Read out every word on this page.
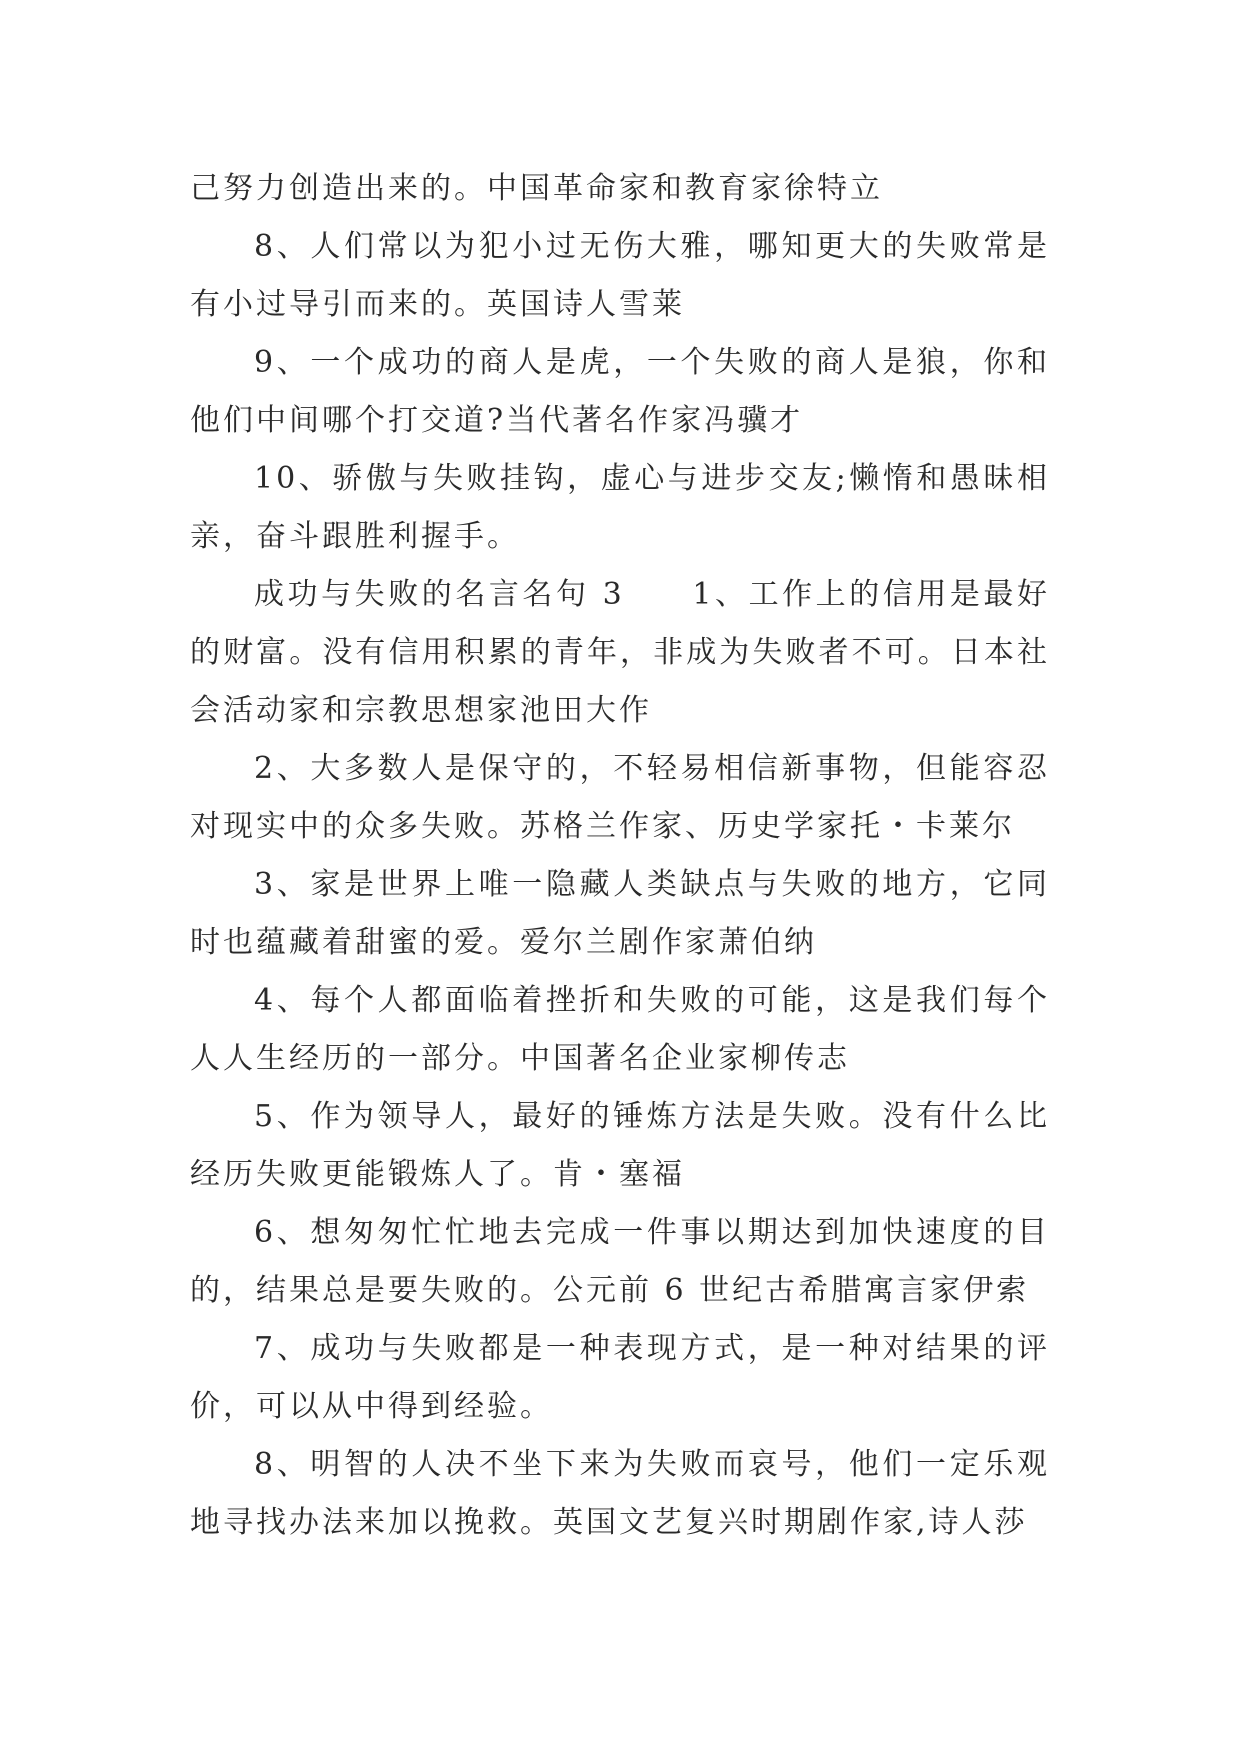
己努力创造出来的。中国革命家和教育家徐特立

8、人们常以为犯小过无伤大雅，哪知更大的失败常是有小过导引而来的。英国诗人雪莱

9、一个成功的商人是虎，一个失败的商人是狼，你和他们中间哪个打交道?当代著名作家冯骥才

10、骄傲与失败挂钩，虚心与进步交友;懒惰和愚昧相亲，奋斗跟胜利握手。

成功与失败的名言名句 3　　1、工作上的信用是最好的财富。没有信用积累的青年，非成为失败者不可。日本社会活动家和宗教思想家池田大作

2、大多数人是保守的，不轻易相信新事物，但能容忍对现实中的众多失败。苏格兰作家、历史学家托・卡莱尔

3、家是世界上唯一隐藏人类缺点与失败的地方，它同时也蕴藏着甜蜜的爱。爱尔兰剧作家萧伯纳

4、每个人都面临着挫折和失败的可能，这是我们每个人人生经历的一部分。中国著名企业家柳传志

5、作为领导人，最好的锤炼方法是失败。没有什么比经历失败更能锻炼人了。肯・塞福

6、想匆匆忙忙地去完成一件事以期达到加快速度的目的，结果总是要失败的。公元前 6 世纪古希腊寓言家伊索

7、成功与失败都是一种表现方式，是一种对结果的评价，可以从中得到经验。

8、明智的人决不坐下来为失败而哀号，他们一定乐观地寻找办法来加以挽救。英国文艺复兴时期剧作家,诗人莎
